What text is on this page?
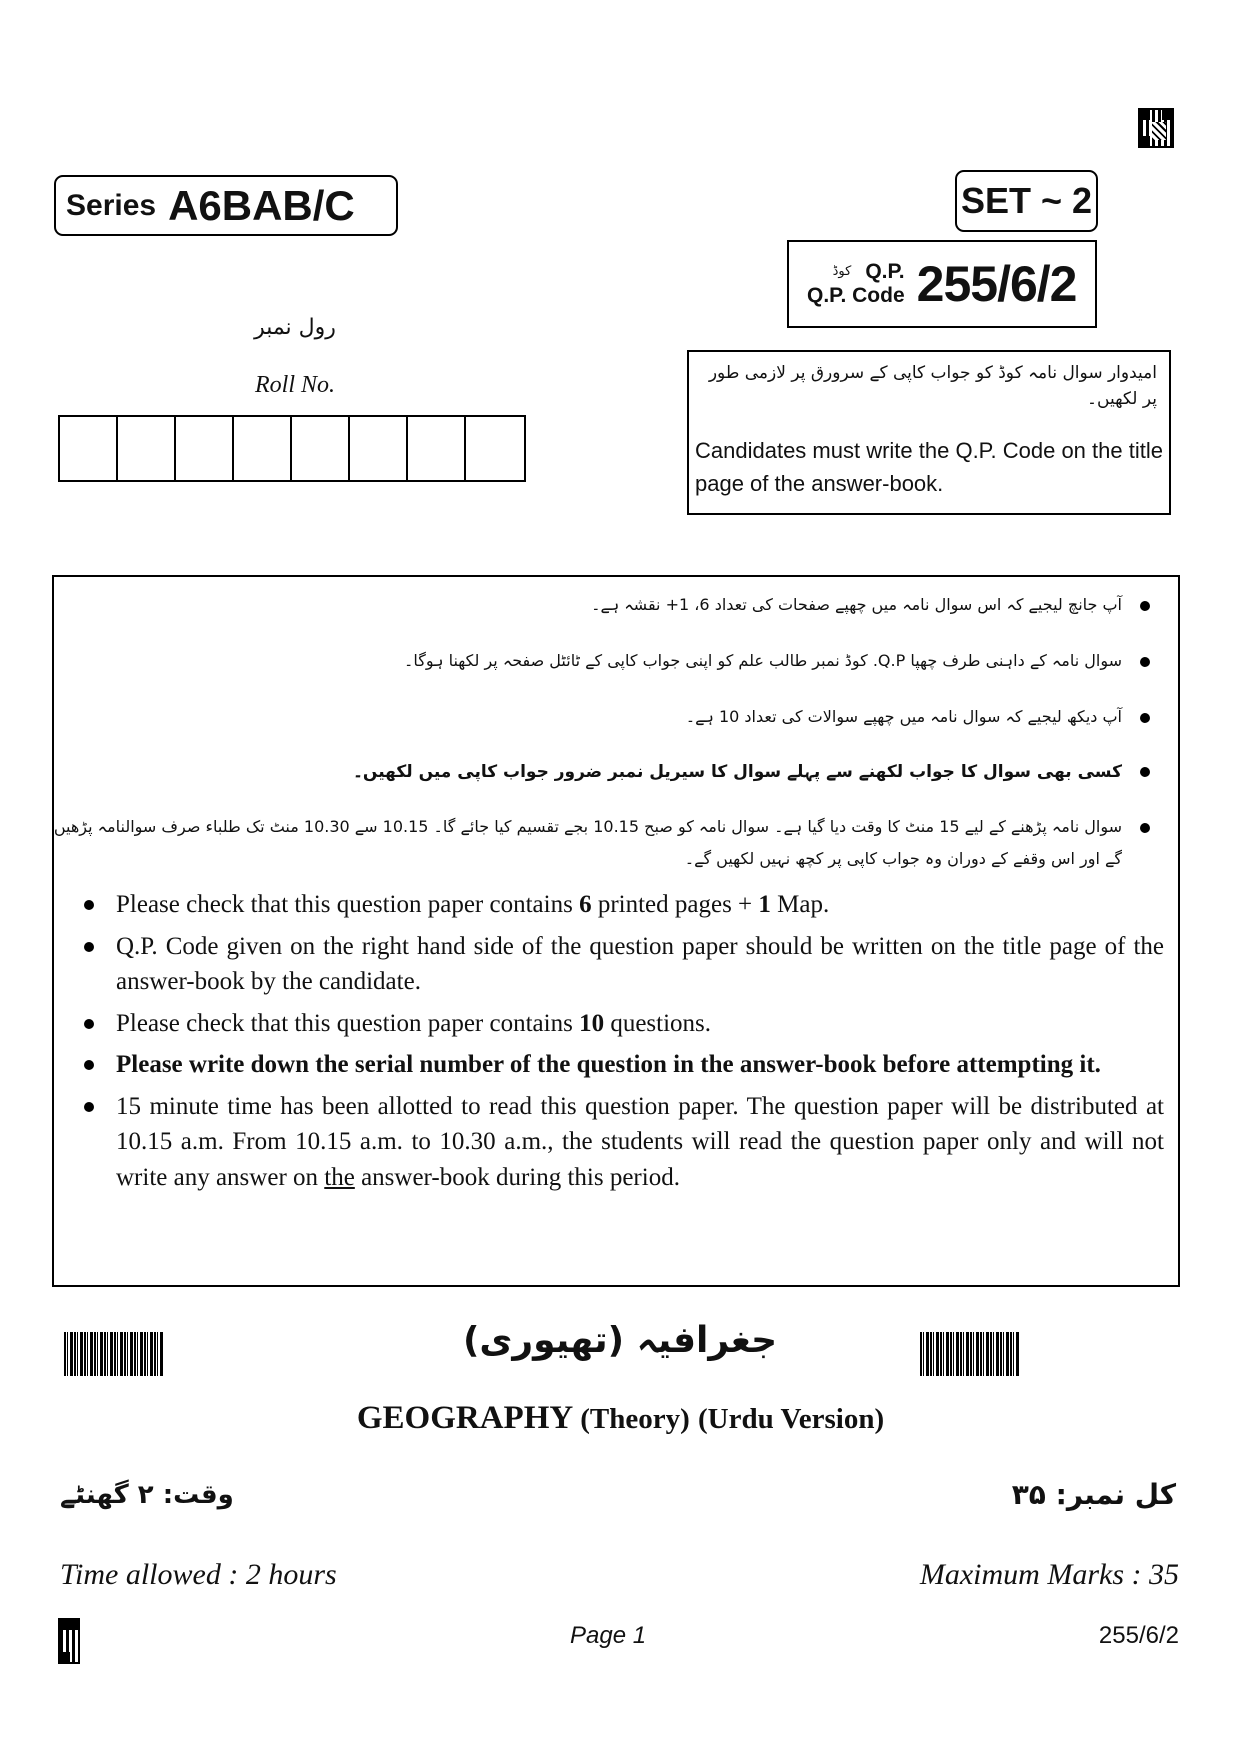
Series A6BAB/C	SET ~ 2
کوڈ Q.P.
Q.P. Code 255/6/2
رول نمبر
Roll No.	امیدوار سوال نامہ کوڈ کو جواب کاپی کے سرورق پر لازمی طور پر لکھیں۔
Candidates must write the Q.P. Code on the title page of the answer-book.
آپ جانچ لیجیے کہ اس سوال نامہ میں چھپے صفحات کی تعداد 6، 1+ نقشہ ہے۔
سوال نامہ کے داہنی طرف چھپا Q.P. کوڈ نمبر طالب علم کو اپنی جواب کاپی کے ٹائٹل صفحہ پر لکھنا ہوگا۔
آپ دیکھ لیجیے کہ سوال نامہ میں چھپے سوالات کی تعداد 10 ہے۔
کسی بھی سوال کا جواب لکھنے سے پہلے سوال کا سیریل نمبر ضرور جواب کاپی میں لکھیں۔
سوال نامہ پڑھنے کے لیے 15 منٹ کا وقت دیا گیا ہے۔ سوال نامہ کو صبح 10.15 بجے تقسیم کیا جائے گا۔ 10.15 سے 10.30 منٹ تک طلباء صرف سوالنامہ پڑھیں
گے اور اس وقفے کے دوران وہ جواب کاپی پر کچھ نہیں لکھیں گے۔
Please check that this question paper contains 6 printed pages + 1 Map.
Q.P. Code given on the right hand side of the question paper should be written on the title page of the answer-book by the candidate.
Please check that this question paper contains 10 questions.
Please write down the serial number of the question in the answer-book before attempting it.
15 minute time has been allotted to read this question paper. The question paper will be distributed at 10.15 a.m. From 10.15 a.m. to 10.30 a.m., the students will read the question paper only and will not write any answer on the answer-book during this period.
جغرافیہ (تھیوری)
GEOGRAPHY (Theory) (Urdu Version)
وقت: ۲ گھنٹے	کل نمبر: ۳۵
Time allowed : 2 hours	Maximum Marks : 35
Page 1	255/6/2
